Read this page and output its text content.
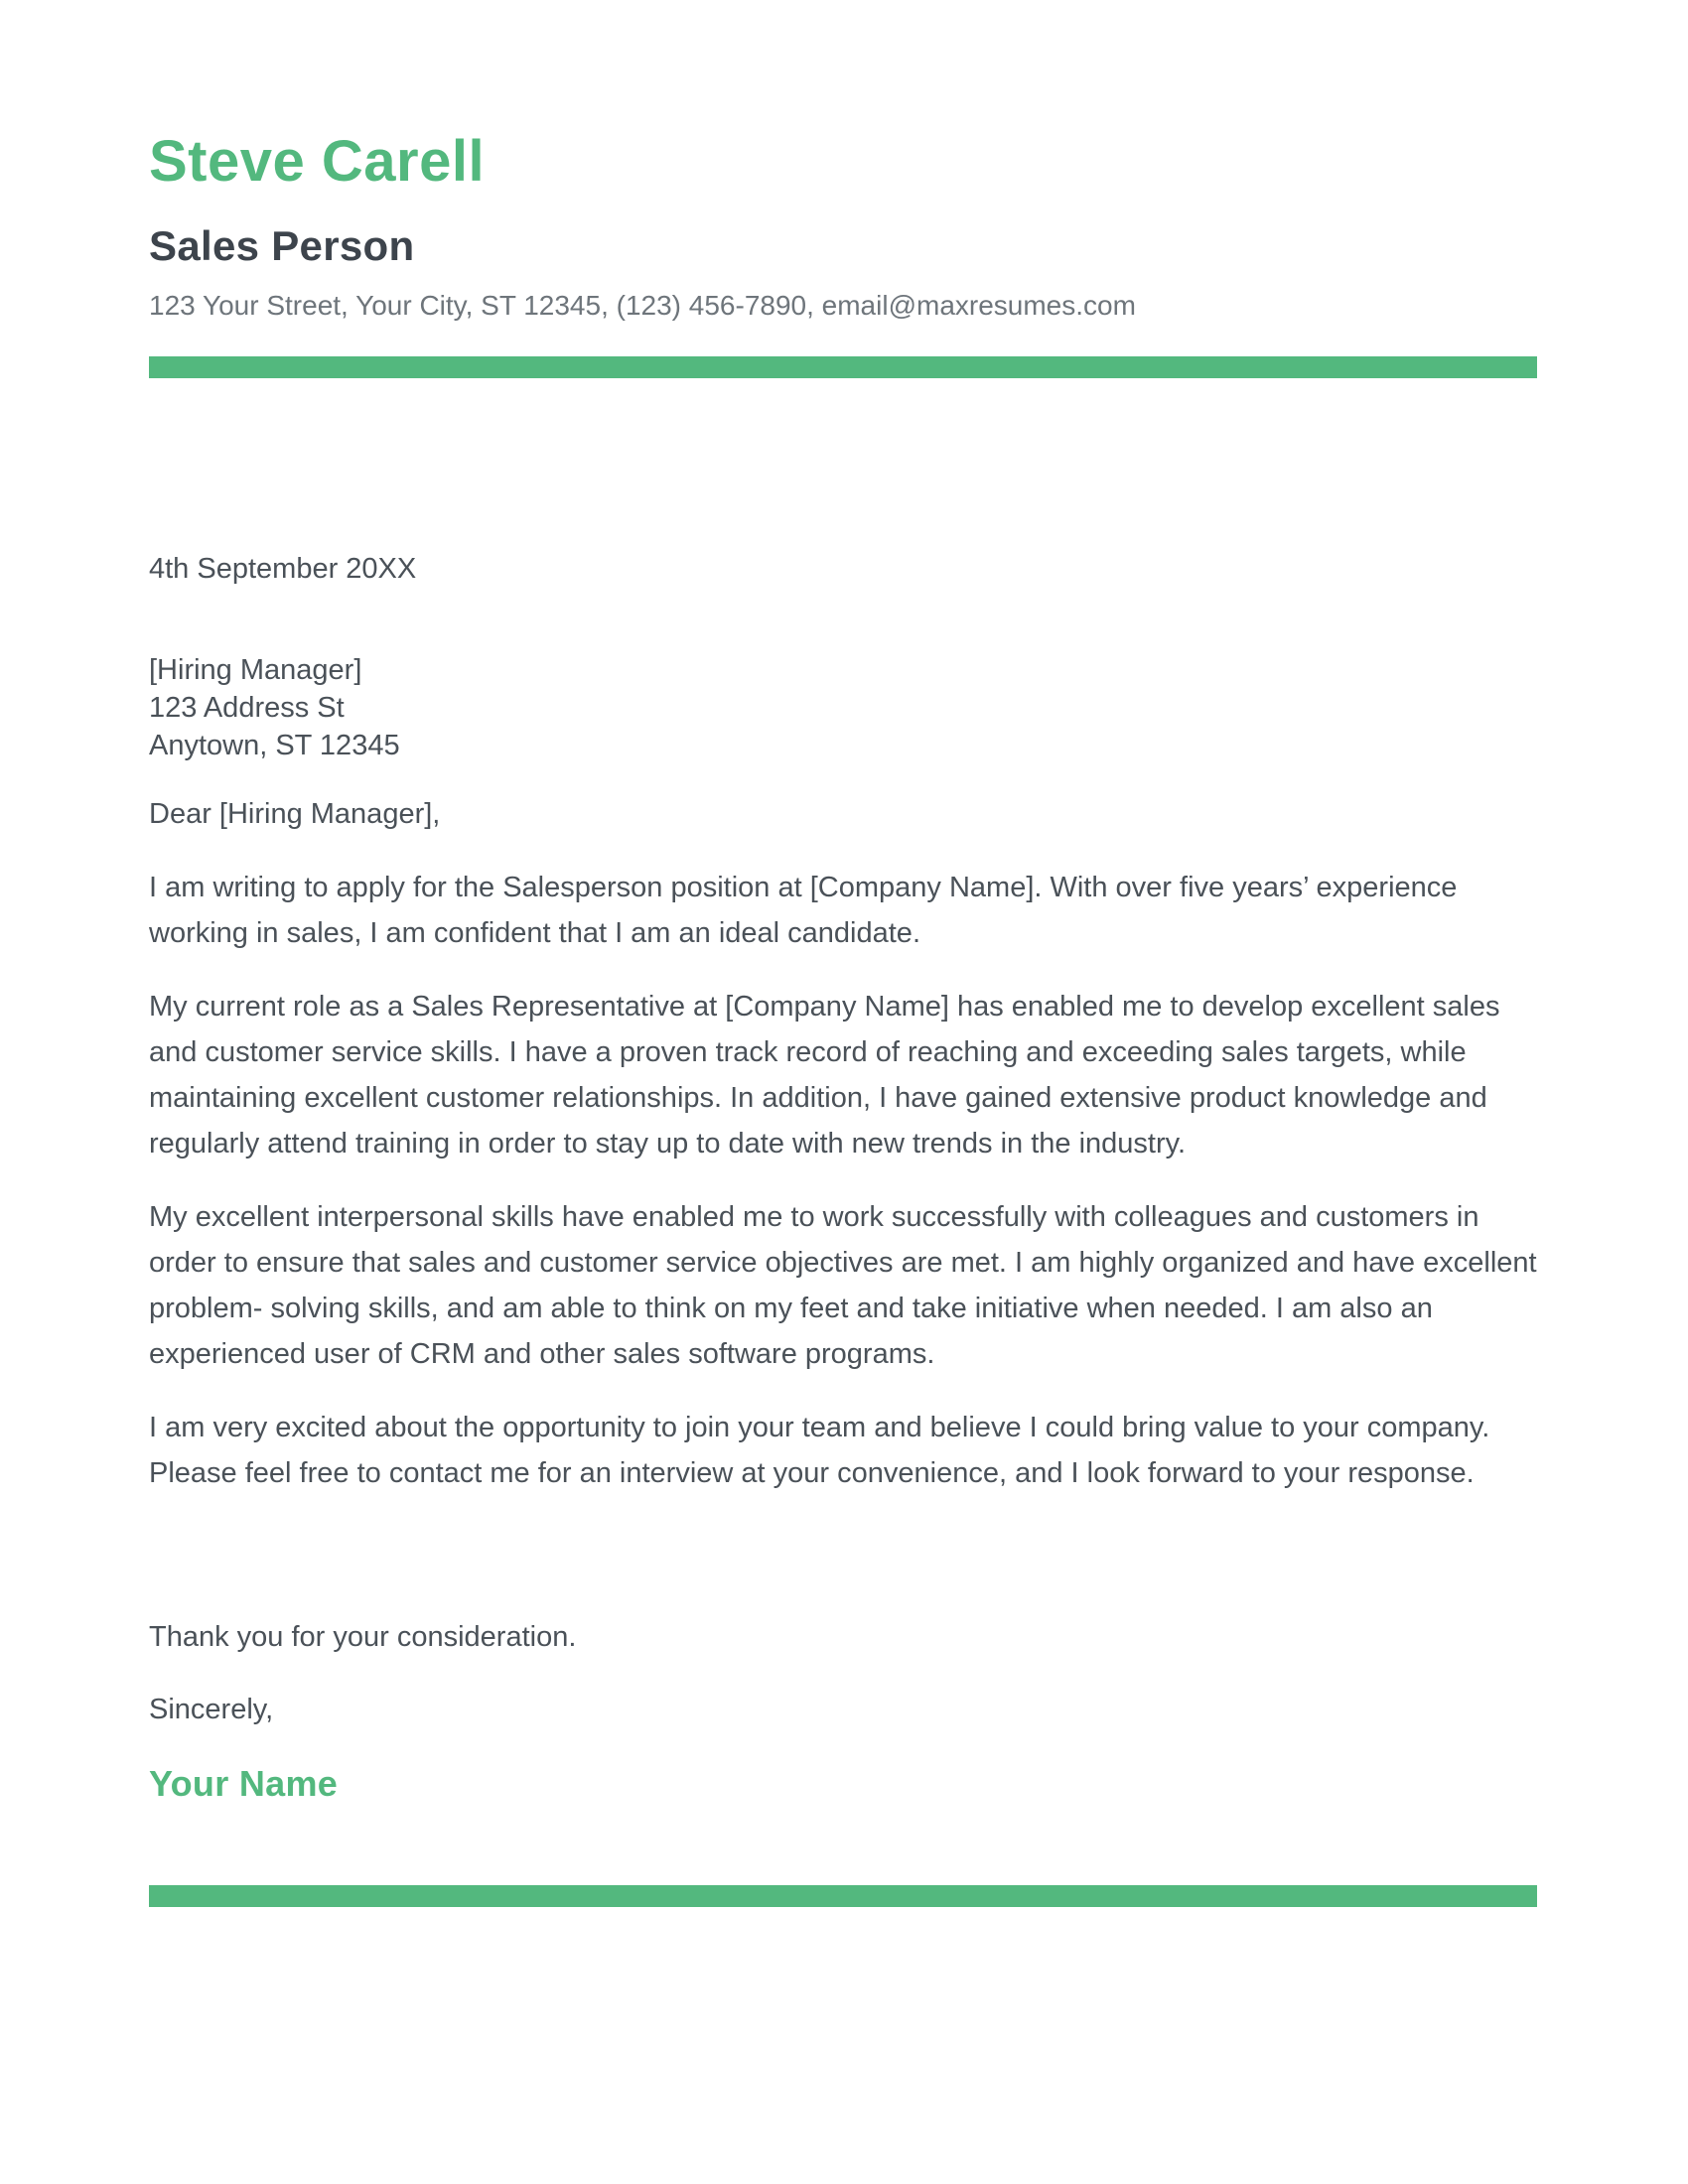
Steve Carell
Sales Person

123 Your Street, Your City, ST 12345, (123) 456-7890, email@maxresumes.com

4th September 20XX

[Hiring Manager]

123 Address St

Anytown, ST 12345

Dear [Hiring Manager],

I am writing to apply for the Salesperson position at [Company Name]. With over five years’ experience working in sales, I am confident that I am an ideal candidate.

My current role as a Sales Representative at [Company Name] has enabled me to develop excellent sales and customer service skills. I have a proven track record of reaching and exceeding sales targets, while maintaining excellent customer relationships. In addition, I have gained extensive product knowledge and regularly attend training in order to stay up to date with new trends in the industry.

My excellent interpersonal skills have enabled me to work successfully with colleagues and customers in order to ensure that sales and customer service objectives are met. I am highly organized and have excellent problem- solving skills, and am able to think on my feet and take initiative when needed. I am also an experienced user of CRM and other sales software programs.

I am very excited about the opportunity to join your team and believe I could bring value to your company. Please feel free to contact me for an interview at your convenience, and I look forward to your response.

Thank you for your consideration.

Sincerely,

Your Name
